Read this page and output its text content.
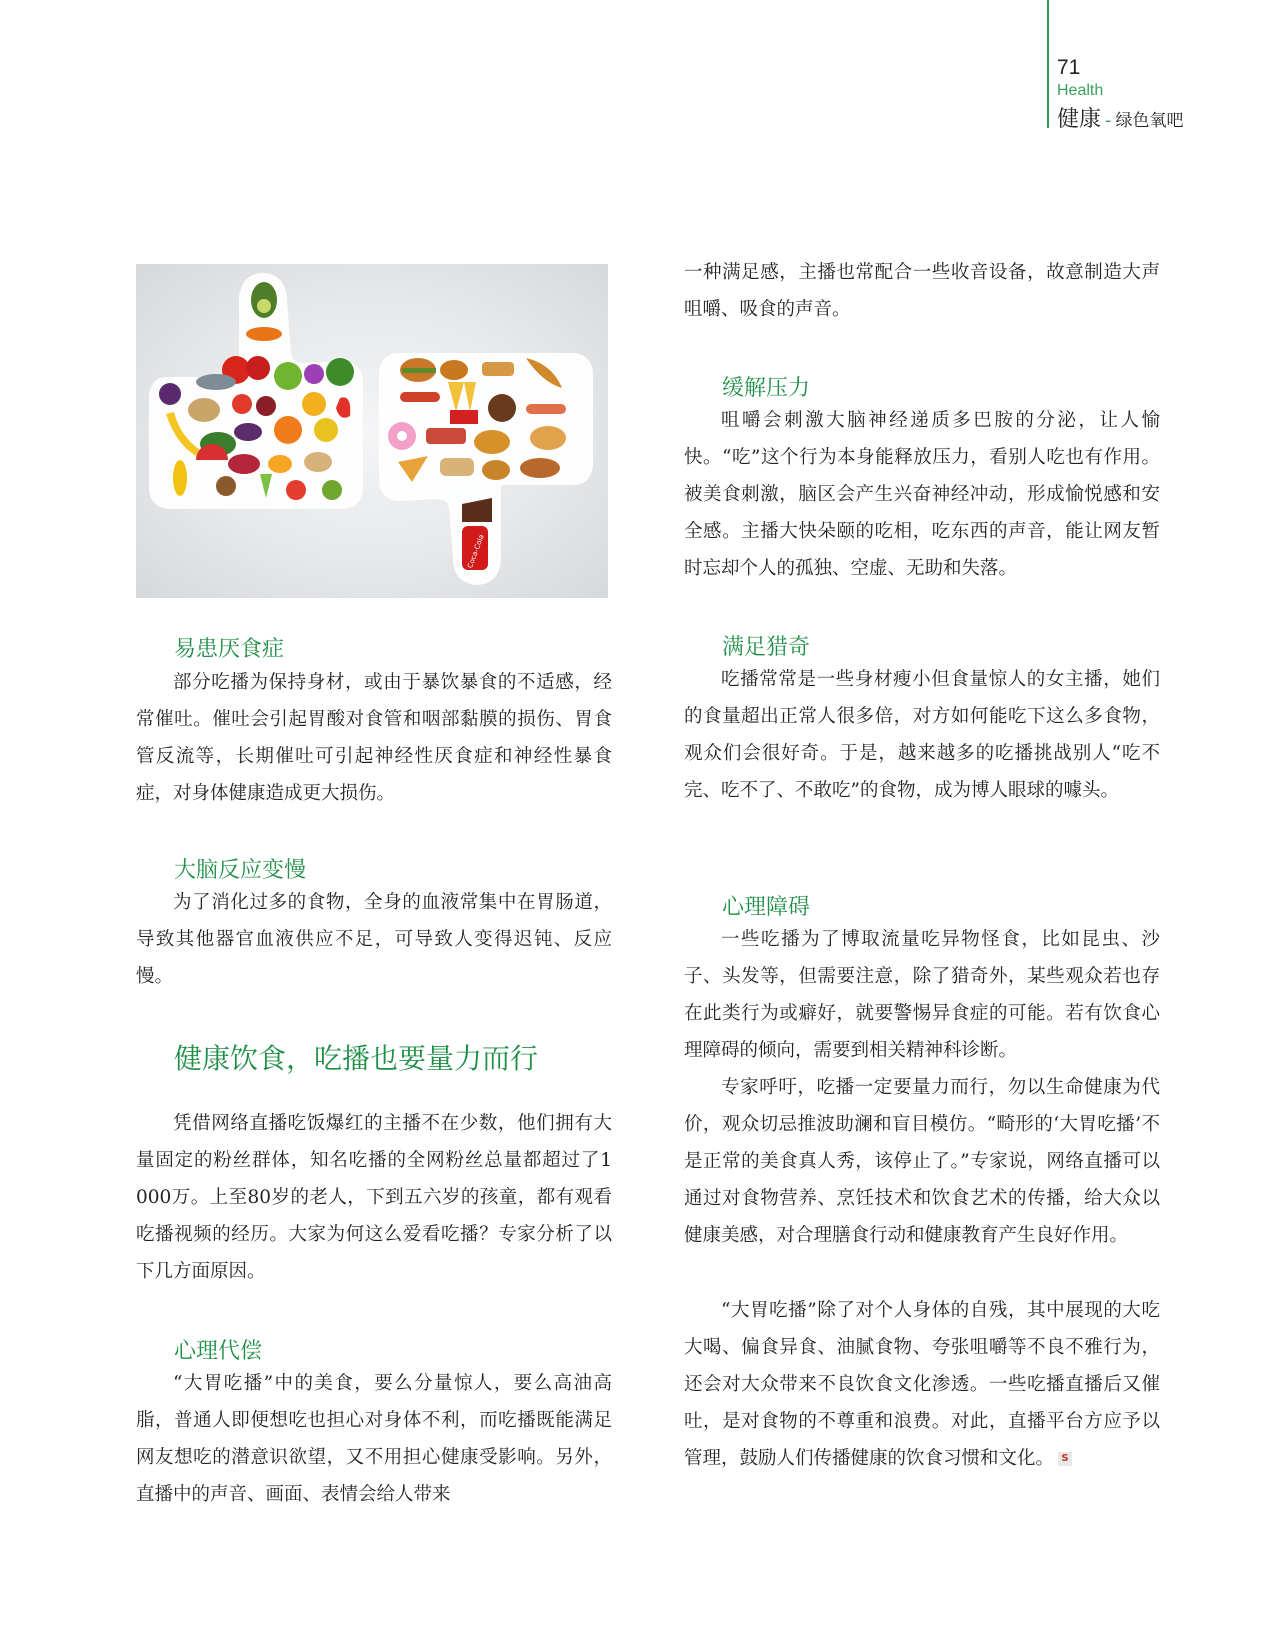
71
Health
健康 - 绿色氧吧
Coca-Cola
易患厌食症
部分吃播为保持身材，或由于暴饮暴食的不适感，经常催吐。催吐会引起胃酸对食管和咽部黏膜的损伤、胃食管反流等，长期催吐可引起神经性厌食症和神经性暴食症，对身体健康造成更大损伤。
大脑反应变慢
为了消化过多的食物，全身的血液常集中在胃肠道，导致其他器官血液供应不足，可导致人变得迟钝、反应慢。
健康饮食，吃播也要量力而行
凭借网络直播吃饭爆红的主播不在少数，他们拥有大量固定的粉丝群体，知名吃播的全网粉丝总量都超过了1 000万。上至80岁的老人，下到五六岁的孩童，都有观看吃播视频的经历。大家为何这么爱看吃播？专家分析了以下几方面原因。
心理代偿
“大胃吃播”中的美食，要么分量惊人，要么高油高脂，普通人即便想吃也担心对身体不利，而吃播既能满足网友想吃的潜意识欲望，又不用担心健康受影响。另外，直播中的声音、画面、表情会给人带来
一种满足感，主播也常配合一些收音设备，故意制造大声咀嚼、吸食的声音。
缓解压力
咀嚼会刺激大脑神经递质多巴胺的分泌，让人愉快。“吃”这个行为本身能释放压力，看别人吃也有作用。被美食刺激，脑区会产生兴奋神经冲动，形成愉悦感和安全感。主播大快朵颐的吃相，吃东西的声音，能让网友暂时忘却个人的孤独、空虚、无助和失落。
满足猎奇
吃播常常是一些身材瘦小但食量惊人的女主播，她们的食量超出正常人很多倍，对方如何能吃下这么多食物，观众们会很好奇。于是，越来越多的吃播挑战别人“吃不完、吃不了、不敢吃”的食物，成为博人眼球的噱头。
心理障碍
一些吃播为了博取流量吃异物怪食，比如昆虫、沙子、头发等，但需要注意，除了猎奇外，某些观众若也存在此类行为或癖好，就要警惕异食症的可能。若有饮食心理障碍的倾向，需要到相关精神科诊断。
专家呼吁，吃播一定要量力而行，勿以生命健康为代价，观众切忌推波助澜和盲目模仿。“畸形的‘大胃吃播’不是正常的美食真人秀，该停止了。”专家说，网络直播可以通过对食物营养、烹饪技术和饮食艺术的传播，给大众以健康美感，对合理膳食行动和健康教育产生良好作用。
“大胃吃播”除了对个人身体的自残，其中展现的大吃大喝、偏食异食、油腻食物、夸张咀嚼等不良不雅行为，还会对大众带来不良饮食文化渗透。一些吃播直播后又催吐，是对食物的不尊重和浪费。对此，直播平台方应予以管理，鼓励人们传播健康的饮食习惯和文化。 S
